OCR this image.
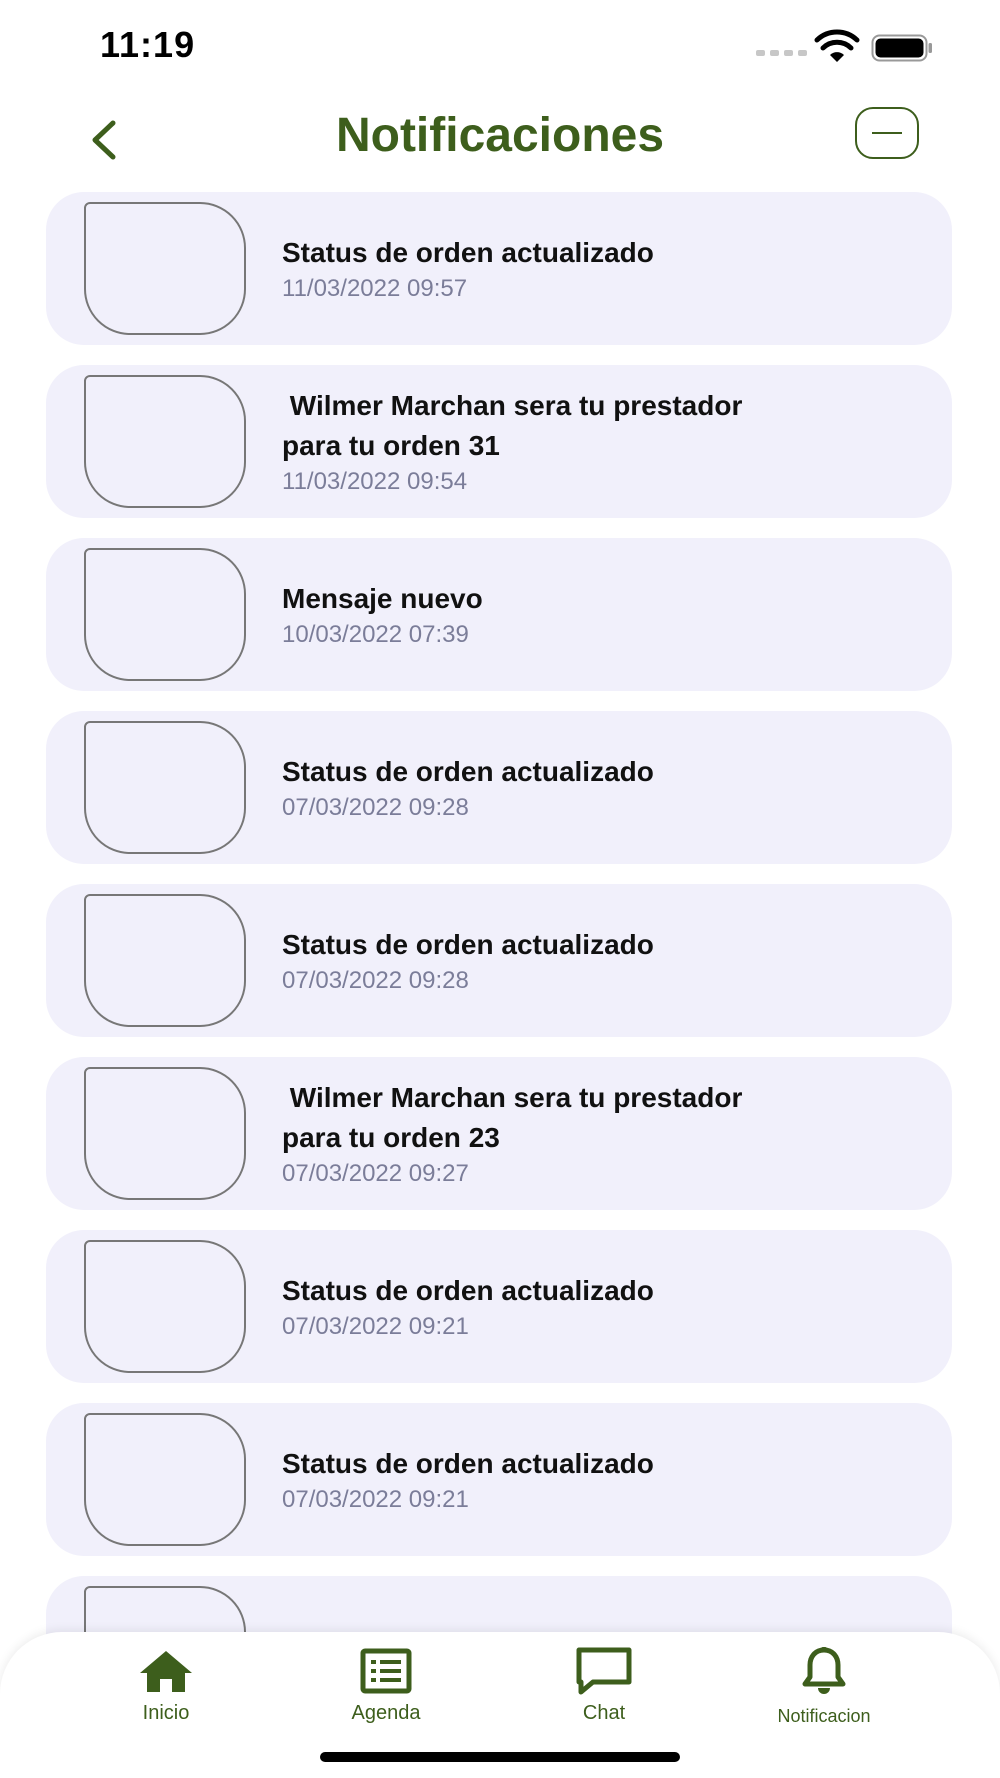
11:19
Notificaciones
Status de orden actualizado
11/03/2022 09:57
Wilmer Marchan sera tu prestador
para tu orden 31
11/03/2022 09:54
Mensaje nuevo
10/03/2022 07:39
Status de orden actualizado
07/03/2022 09:28
Status de orden actualizado
07/03/2022 09:28
Wilmer Marchan sera tu prestador
para tu orden 23
07/03/2022 09:27
Status de orden actualizado
07/03/2022 09:21
Status de orden actualizado
07/03/2022 09:21
Inicio	Agenda	Chat	Notificacion
